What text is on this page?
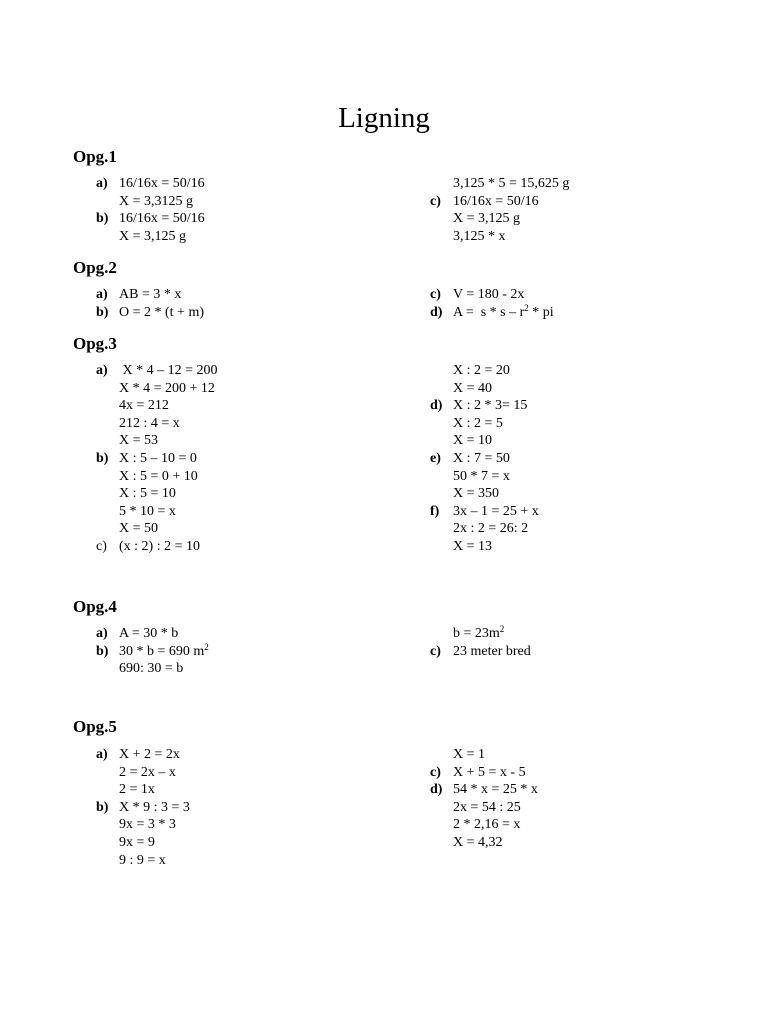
Ligning
Opg.1
a) 16/16x = 50/16
X = 3,3125 g
b) 16/16x = 50/16
X = 3,125 g
3,125 * 5 = 15,625 g
c) 16/16x = 50/16
X = 3,125 g
3,125 * x
Opg.2
a) AB = 3 * x
b) O = 2 * (t + m)
c) V = 180 - 2x
d) $A = s * s - r^2$ * pi
Opg.3
a) X * 4 – 12 = 200
X * 4 = 200 + 12
4x = 212
212 : 4 = x
X = 53
b) X : 5 – 10 = 0
X : 5 = 0 + 10
X : 5 = 10
5 * 10 = x
X = 50
c) (x : 2) : 2 = 10
X : 2 = 20
X = 40
d) X : 2 * 3= 15
X : 2 = 5
X = 10
e) X : 7 = 50
50 * 7 = x
X = 350
f) 3x – 1 = 25 + x
2x : 2 = 26: 2
X = 13
Opg.4
a) A = 30 * b
b) 30 * b = 690 $m^2$
690: 30 = b
$b = 23m^2$
c) 23 meter bred
Opg.5
a) X + 2 = 2x
2 = 2x – x
2 = 1x
b) X * 9 : 3 = 3
9x = 3 * 3
9x = 9
9 : 9 = x
X = 1
c) X + 5 = x - 5
d) 54 * x = 25 * x
2x = 54 : 25
2 * 2,16 = x
X = 4,32
